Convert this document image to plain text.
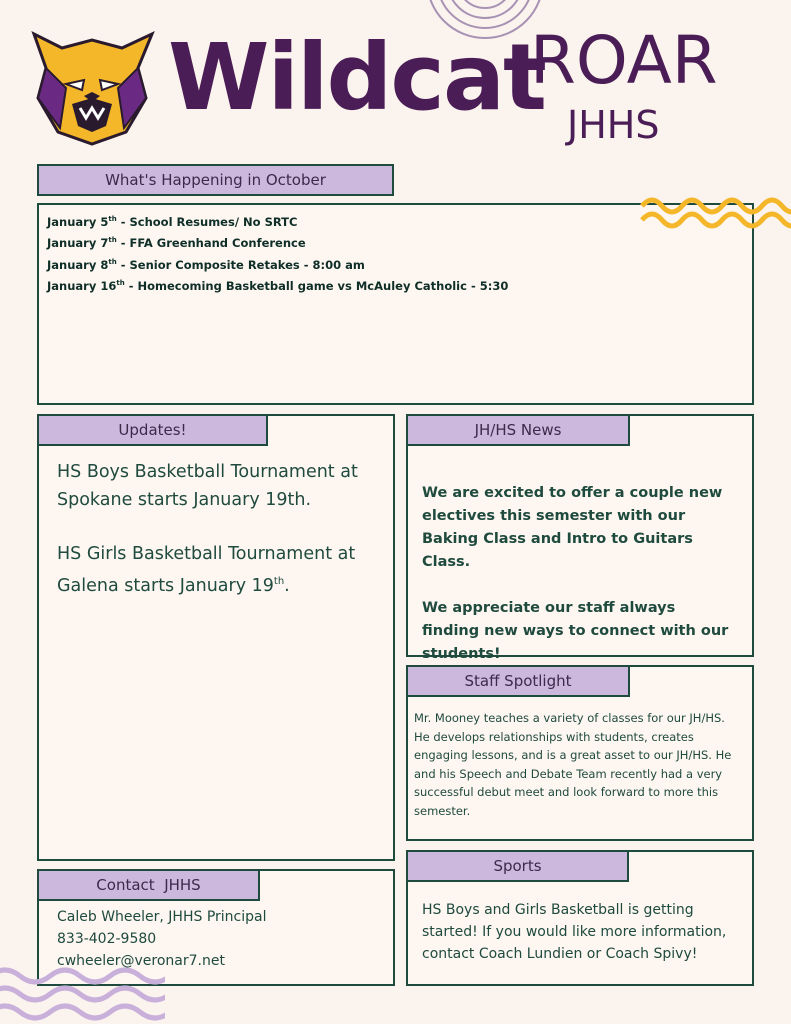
Wildcat
ROAR
JHHS
What's Happening in October
January 5th - School Resumes/ No SRTC
January 7th - FFA Greenhand Conference
January 8th - Senior Composite Retakes - 8:00 am
January 16th - Homecoming Basketball game vs McAuley Catholic - 5:30
Updates!

HS Boys Basketball Tournament at Spokane starts January 19th.

HS Girls Basketball Tournament at Galena starts January 19th.

JH/HS News

We are excited to offer a couple new electives this semester with our Baking Class and Intro to Guitars Class.

We appreciate our staff always finding new ways to connect with our students!

Staff Spotlight
Mr. Mooney teaches a variety of classes for our JH/HS. He develops relationships with students, creates engaging lessons, and is a great asset to our JH/HS. He and his Speech and Debate Team recently had a very successful debut meet and look forward to more this semester.
Sports
HS Boys and Girls Basketball is getting started! If you would like more information, contact Coach Lundien or Coach Spivy!
Contact  JHHS
Caleb Wheeler, JHHS Principal
833-402-9580
cwheeler@veronar7.net
